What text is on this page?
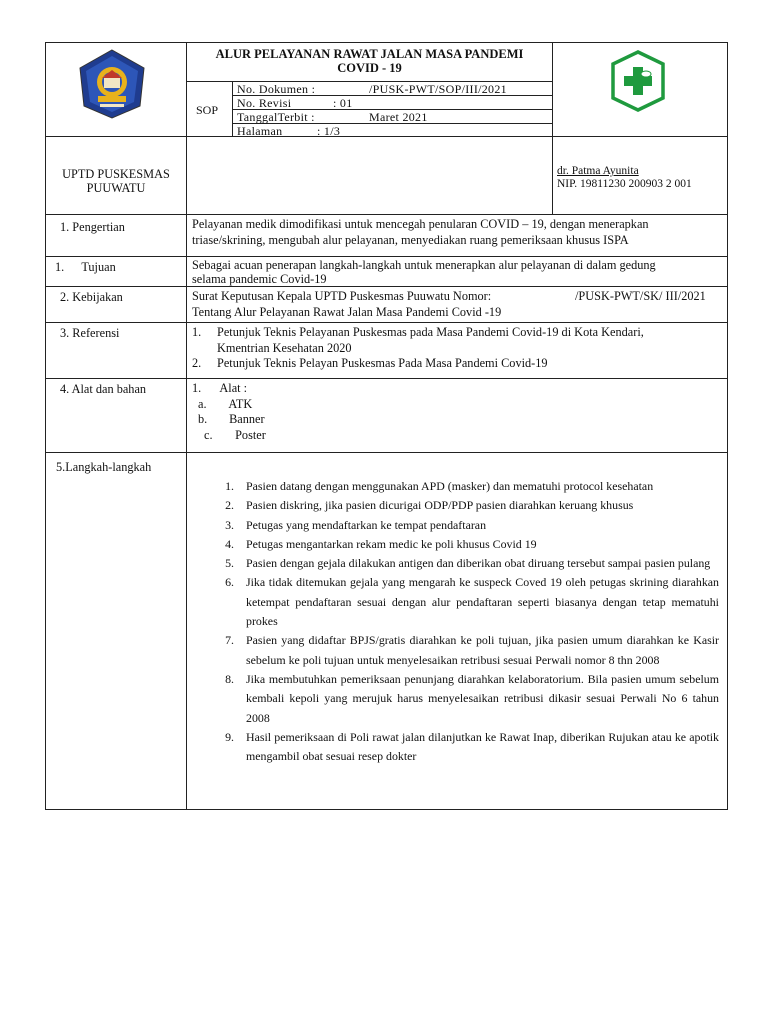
ALUR PELAYANAN RAWAT JALAN MASA PANDEMI
COVID - 19
SOP
No. Dokumen :	/PUSK-PWT/SOP/III/2021
No. Revisi	: 01
TanggalTerbit :	Maret 2021
Halaman	: 1/3
UPTD PUSKESMAS
PUUWATU
dr. Patma Ayunita
NIP. 19811230 200903 2 001
1. Pengertian	Pelayanan medik dimodifikasi untuk mencegah penularan COVID – 19, dengan menerapkan
triase/skrining, mengubah alur pelayanan, menyediakan ruang pemeriksaan khusus ISPA
1. Tujuan	Sebagai acuan penerapan langkah-langkah untuk menerapkan alur pelayanan di dalam gedung
selama pandemic Covid-19
2. Kebijakan	Surat Keputusan Kepala UPTD Puskesmas Puuwatu Nomor:	/PUSK-PWT/SK/ III/2021
Tentang Alur Pelayanan Rawat Jalan Masa Pandemi Covid -19
3. Referensi	1.	Petunjuk Teknis Pelayanan Puskesmas pada Masa Pandemi Covid-19 di Kota Kendari,
Kmentrian Kesehatan 2020
2.	Petunjuk Teknis Pelayan Puskesmas Pada Masa Pandemi Covid-19
4. Alat dan bahan	1. Alat :
a. ATK
b. Banner
c. Poster
5.Langkah-langkah
1.	Pasien datang dengan menggunakan APD (masker) dan mematuhi protocol kesehatan
2.	Pasien diskring, jika pasien dicurigai ODP/PDP pasien diarahkan keruang khusus
3.	Petugas yang mendaftarkan ke tempat pendaftaran
4.	Petugas mengantarkan rekam medic ke poli khusus Covid 19
5.	Pasien dengan gejala dilakukan antigen dan diberikan obat diruang tersebut sampai pasien pulang
6.	Jika tidak ditemukan gejala yang mengarah ke suspeck Coved 19 oleh petugas skrining diarahkan ketempat pendaftaran sesuai dengan alur pendaftaran seperti biasanya dengan tetap mematuhi prokes
7.	Pasien yang didaftar BPJS/gratis diarahkan ke poli tujuan, jika pasien umum diarahkan ke Kasir sebelum ke poli tujuan untuk menyelesaikan retribusi sesuai Perwali nomor 8 thn 2008
8.	Jika membutuhkan pemeriksaan penunjang diarahkan kelaboratorium. Bila pasien umum sebelum kembali kepoli yang merujuk harus menyelesaikan retribusi dikasir sesuai Perwali No 6 tahun 2008
9.	Hasil pemeriksaan di Poli rawat jalan dilanjutkan ke Rawat Inap, diberikan Rujukan atau ke apotik mengambil obat sesuai resep dokter
